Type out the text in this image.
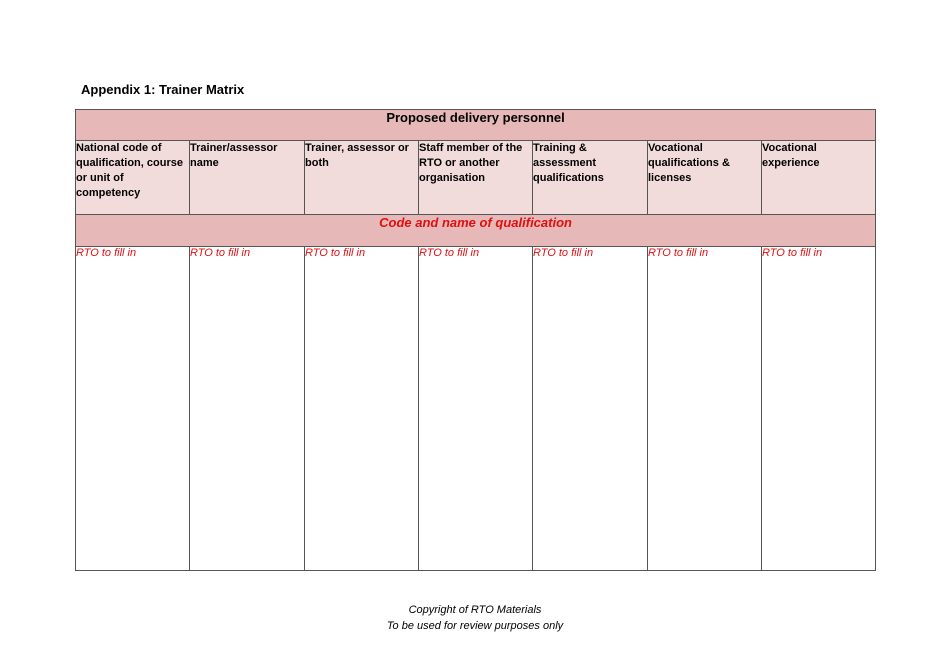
Appendix 1: Trainer Matrix
Proposed delivery personnel						
National code of qualification, course or unit of competency	Trainer/assessor name	Trainer, assessor or both	Staff member of the RTO or another organisation	Training & assessment qualifications	Vocational qualifications & licenses	Vocational experience
Code and name of qualification						
RTO to fill in	RTO to fill in	RTO to fill in	RTO to fill in	RTO to fill in	RTO to fill in	RTO to fill in
Copyright of RTO Materials
To be used for review purposes only
